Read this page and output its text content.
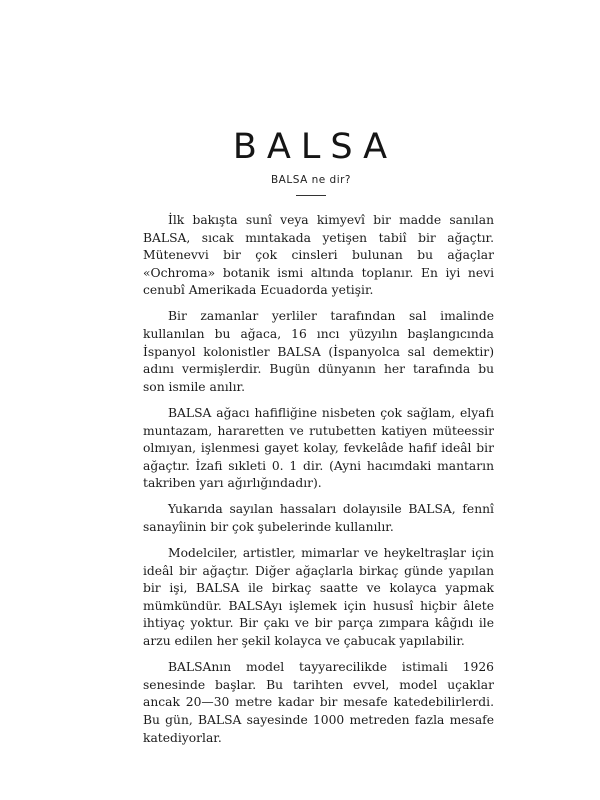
BALSA
BALSA ne dir?

İlk bakışta sunî veya kimyevî bir madde sanılan BALSA, sıcak mıntakada yetişen tabiî bir ağaçtır. Mütenevvi bir çok cinsleri bulunan bu ağaçlar «Ochroma» botanik ismi altında toplanır. En iyi nevi cenubî Amerikada Ecuadorda yetişir.

Bir zamanlar yerliler tarafından sal imalinde kullanılan bu ağaca, 16 ıncı yüzyılın başlangıcında İspanyol kolonistler BALSA (İspanyolca sal demektir) adını vermişlerdir. Bugün dünyanın her tarafında bu son ismile anılır.

BALSA ağacı hafifliğine nisbeten çok sağlam, elyafı muntazam, hararetten ve rutubetten katiyen müteessir olmıyan, işlenmesi gayet kolay, fevkelâde hafif ideâl bir ağaçtır. İzafi sıkleti 0. 1 dir. (Ayni hacımdaki mantarın takriben yarı ağırlığındadır).

Yukarıda sayılan hassaları dolayısile BALSA, fennî sanayîinin bir çok şubelerinde kullanılır.

Modelciler, artistler, mimarlar ve heykeltraşlar için ideâl bir ağaçtır. Diğer ağaçlarla birkaç günde yapılan bir işi, BALSA ile birkaç saatte ve kolayca yapmak mümkündür. BALSAyı işlemek için hususî hiçbir âlete ihtiyaç yoktur. Bir çakı ve bir parça zımpara kâğıdı ile arzu edilen her şekil kolayca ve çabucak yapılabilir.

BALSAnın model tayyarecilikde istimali 1926 senesinde başlar. Bu tarihten evvel, model uçaklar ancak 20—30 metre kadar bir mesafe katedebilirlerdi. Bu gün, BALSA sayesinde 1000 metreden fazla mesafe katediyorlar.
